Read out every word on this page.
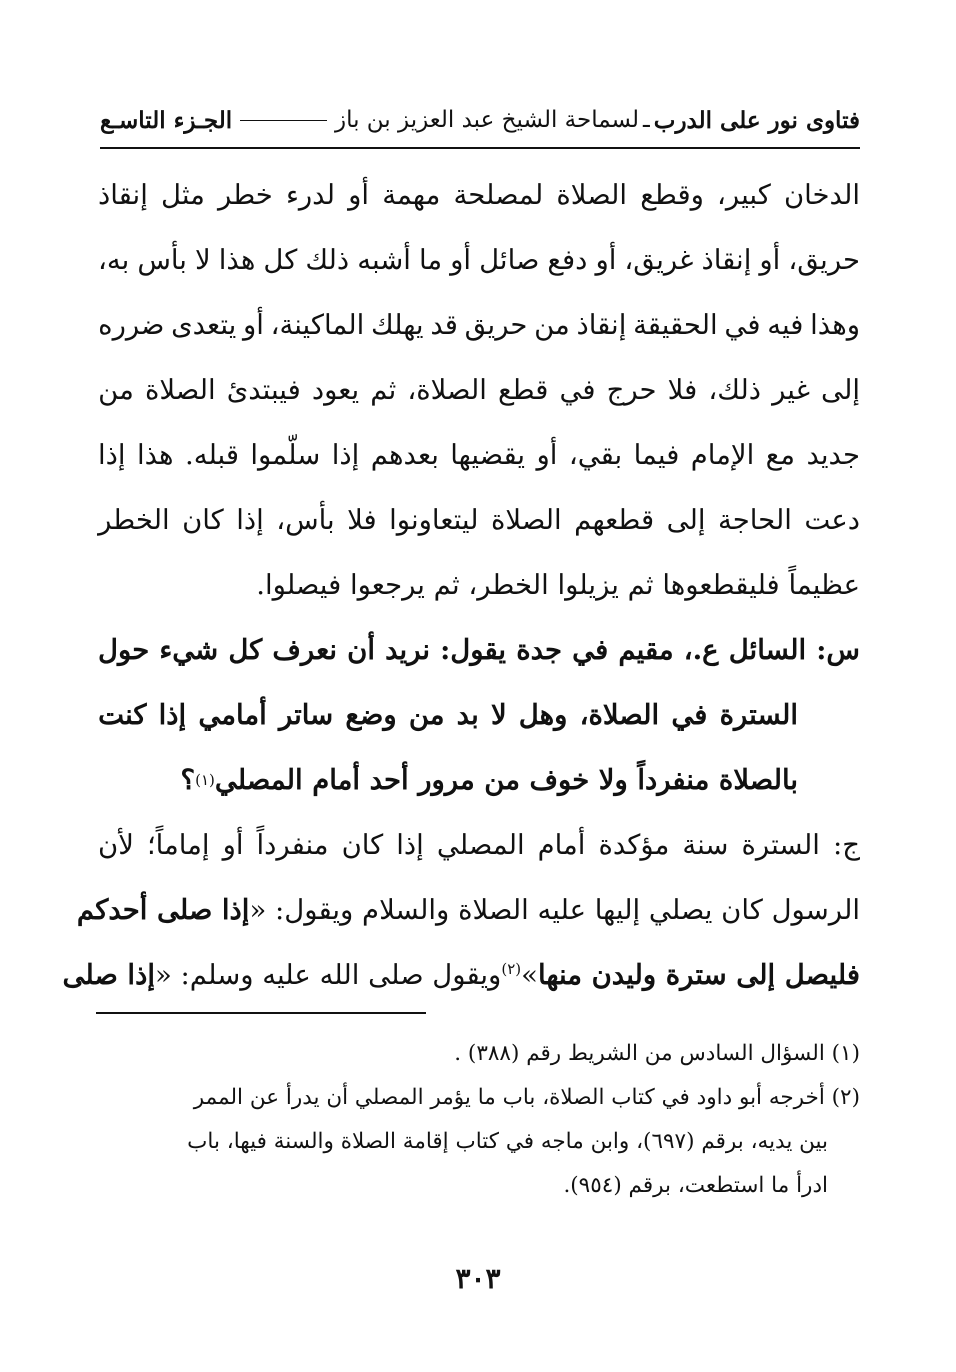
فتاوى نور على الدرب
ـ
لسماحة الشيخ عبد العزيز بن باز
الجـزء التاسـع
الدخان
كبير،
وقطع
الصلاة
لمصلحة
مهمة
أو
لدرء
خطر
مثل
إنقاذ
حريق،
أو
إنقاذ
غريق،
أو
دفع
صائل
أو
ما
أشبه
ذلك
كل
هذا
لا
بأس
به،
وهذا
فيه
في
الحقيقة
إنقاذ
من
حريق
قد
يهلك
الماكينة،
أو
يتعدى
ضرره
إلى
غير
ذلك،
فلا
حرج
في
قطع
الصلاة،
ثم
يعود
فيبتدئ
الصلاة
من
جديد
مع
الإمام
فيما
بقي،
أو
يقضيها
بعدهم
إذا
سلّموا
قبله.
هذا
إذا
دعت
الحاجة
إلى
قطعهم
الصلاة
ليتعاونوا
فلا
بأس،
إذا
كان
الخطر
عظيماً فليقطعوها ثم يزيلوا الخطر، ثم يرجعوا فيصلوا.
س:
السائل
ع.،
مقيم
في
جدة
يقول:
نريد
أن
نعرف
كل
شيء
حول
السترة
في
الصلاة،
وهل
لا
بد
من
وضع
ساتر
أمامي
إذا
كنت
بالصلاة منفرداً ولا خوف من مرور أحد أمام المصلي
(١)
؟
ج:
السترة
سنة
مؤكدة
أمام
المصلي
إذا
كان
منفرداً
أو
إماماً؛
لأن
الرسول كان يصلي إليها عليه الصلاة والسلام ويقول: «
إذا صلى أحدكم
فليصل إلى سترة وليدن منها»$^{(٢)}$
ويقول صلى الله عليه وسلم: «
إذا صلى
(١) السؤال السادس من الشريط رقم (٣٨٨) .
(٢) أخرجه أبو داود في كتاب الصلاة، باب ما يؤمر المصلي أن يدرأ عن الممر
بين يديه، برقم (٦٩٧)، وابن ماجه في كتاب إقامة الصلاة والسنة فيها، باب
ادرأ ما استطعت، برقم (٩٥٤).
٣٠٣
